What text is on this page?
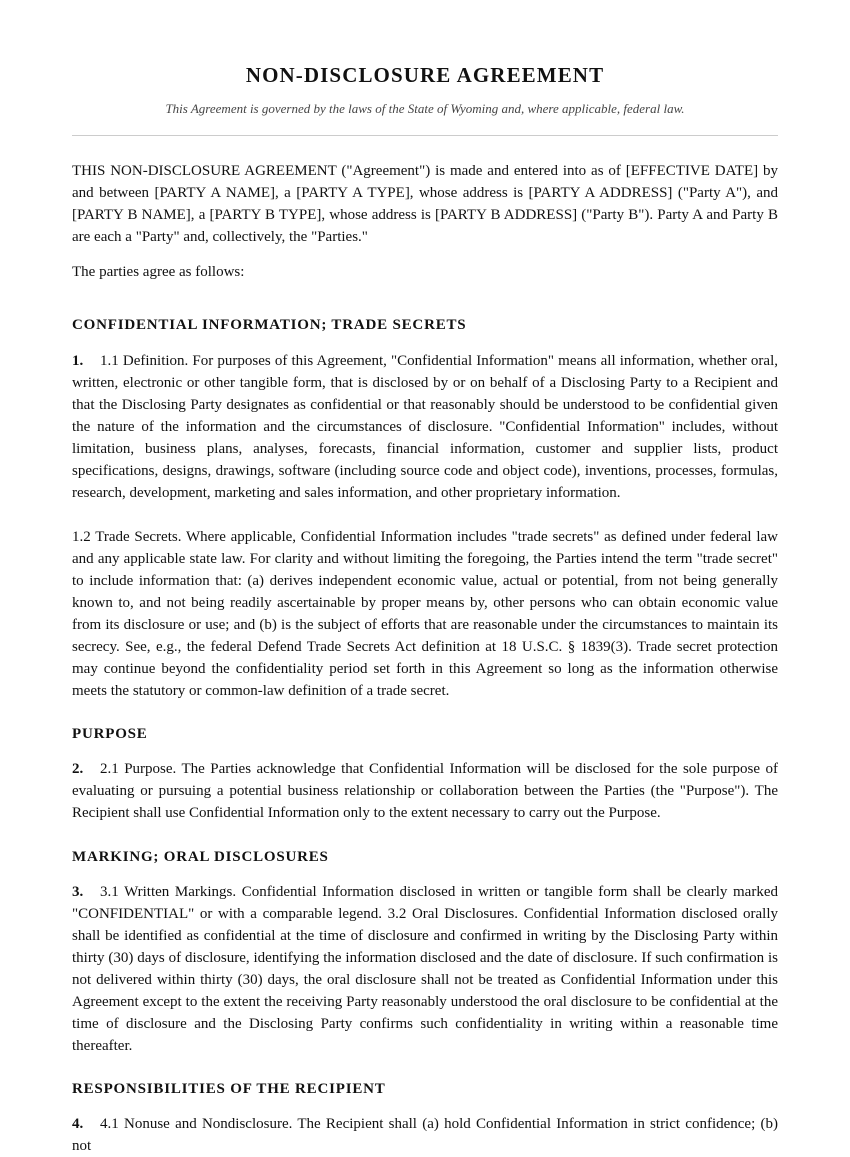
NON-DISCLOSURE AGREEMENT
This Agreement is governed by the laws of the State of Wyoming and, where applicable, federal law.

THIS NON-DISCLOSURE AGREEMENT ("Agreement") is made and entered into as of [EFFECTIVE DATE] by and between [PARTY A NAME], a [PARTY A TYPE], whose address is [PARTY A ADDRESS] ("Party A"), and [PARTY B NAME], a [PARTY B TYPE], whose address is [PARTY B ADDRESS] ("Party B"). Party A and Party B are each a "Party" and, collectively, the "Parties."

The parties agree as follows:

CONFIDENTIAL INFORMATION; TRADE SECRETS

1. 1.1 Definition. For purposes of this Agreement, "Confidential Information" means all information, whether oral, written, electronic or other tangible form, that is disclosed by or on behalf of a Disclosing Party to a Recipient and that the Disclosing Party designates as confidential or that reasonably should be understood to be confidential given the nature of the information and the circumstances of disclosure. "Confidential Information" includes, without limitation, business plans, analyses, forecasts, financial information, customer and supplier lists, product specifications, designs, drawings, software (including source code and object code), inventions, processes, formulas, research, development, marketing and sales information, and other proprietary information.

1.2 Trade Secrets. Where applicable, Confidential Information includes "trade secrets" as defined under federal law and any applicable state law. For clarity and without limiting the foregoing, the Parties intend the term "trade secret" to include information that: (a) derives independent economic value, actual or potential, from not being generally known to, and not being readily ascertainable by proper means by, other persons who can obtain economic value from its disclosure or use; and (b) is the subject of efforts that are reasonable under the circumstances to maintain its secrecy. See, e.g., the federal Defend Trade Secrets Act definition at 18 U.S.C. § 1839(3). Trade secret protection may continue beyond the confidentiality period set forth in this Agreement so long as the information otherwise meets the statutory or common-law definition of a trade secret.

PURPOSE

2. 2.1 Purpose. The Parties acknowledge that Confidential Information will be disclosed for the sole purpose of evaluating or pursuing a potential business relationship or collaboration between the Parties (the "Purpose"). The Recipient shall use Confidential Information only to the extent necessary to carry out the Purpose.

MARKING; ORAL DISCLOSURES

3. 3.1 Written Markings. Confidential Information disclosed in written or tangible form shall be clearly marked "CONFIDENTIAL" or with a comparable legend. 3.2 Oral Disclosures. Confidential Information disclosed orally shall be identified as confidential at the time of disclosure and confirmed in writing by the Disclosing Party within thirty (30) days of disclosure, identifying the information disclosed and the date of disclosure. If such confirmation is not delivered within thirty (30) days, the oral disclosure shall not be treated as Confidential Information under this Agreement except to the extent the receiving Party reasonably understood the oral disclosure to be confidential at the time of disclosure and the Disclosing Party confirms such confidentiality in writing within a reasonable time thereafter.

RESPONSIBILITIES OF THE RECIPIENT

4. 4.1 Nonuse and Nondisclosure. The Recipient shall (a) hold Confidential Information in strict confidence; (b) not
